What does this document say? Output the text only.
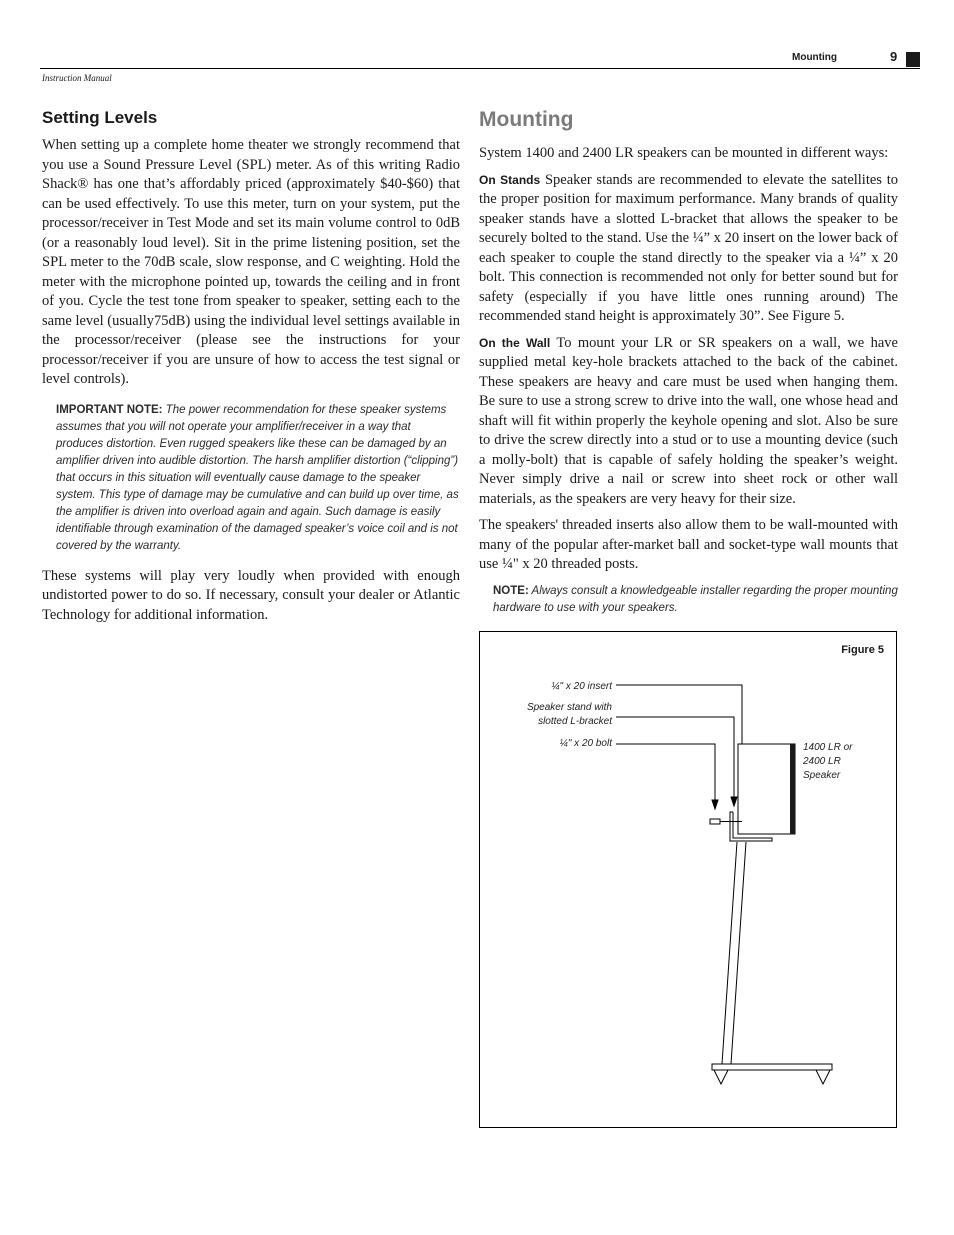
Mounting	9
Instruction Manual
Setting Levels

When setting up a complete home theater we strongly recommend that you use a Sound Pressure Level (SPL) meter. As of this writing Radio Shack® has one that’s affordably priced (approximately $40-$60) that can be used effectively. To use this meter, turn on your system, put the processor/receiver in Test Mode and set its main volume control to 0dB (or a reasonably loud level). Sit in the prime listening position, set the SPL meter to the 70dB scale, slow response, and C weighting. Hold the meter with the microphone pointed up, towards the ceiling and in front of you. Cycle the test tone from speaker to speaker, setting each to the same level (usually75dB) using the individual level settings available in the processor/receiver (please see the instructions for your processor/receiver if you are unsure of how to access the test signal or level controls).

IMPORTANT NOTE: The power recommendation for these speaker systems assumes that you will not operate your amplifier/receiver in a way that produces distortion. Even rugged speakers like these can be damaged by an amplifier driven into audible distortion. The harsh amplifier distortion (“clipping”) that occurs in this situation will eventually cause damage to the speaker system. This type of damage may be cumulative and can build up over time, as the amplifier is driven into overload again and again. Such damage is easily identifiable through examination of the damaged speaker’s voice coil and is not covered by the warranty.

These systems will play very loudly when provided with enough undistorted power to do so. If necessary, consult your dealer or Atlantic Technology for additional information.

Mounting

System 1400 and 2400 LR speakers can be mounted in different ways:

On Stands Speaker stands are recommended to elevate the satellites to the proper position for maximum performance. Many brands of quality speaker stands have a slotted L-bracket that allows the speaker to be securely bolted to the stand. Use the ¼” x 20 insert on the lower back of each speaker to couple the stand directly to the speaker via a ¼” x 20 bolt. This connection is recommended not only for better sound but for safety (especially if you have little ones running around) The recommended stand height is approximately 30”. See Figure 5.

On the Wall To mount your LR or SR speakers on a wall, we have supplied metal key-hole brackets attached to the back of the cabinet. These speakers are heavy and care must be used when hanging them. Be sure to use a strong screw to drive into the wall, one whose head and shaft will fit within properly the keyhole opening and slot. Also be sure to drive the screw directly into a stud or to use a mounting device (such a molly-bolt) that is capable of safely holding the speaker’s weight. Never simply drive a nail or screw into sheet rock or other wall materials, as the speakers are very heavy for their size.

The speakers' threaded inserts also allow them to be wall-mounted with many of the popular after-market ball and socket-type wall mounts that use ¼" x 20 threaded posts.

NOTE: Always consult a knowledgeable installer regarding the proper mounting hardware to use with your speakers.
Figure 5
¼" x 20 insert
Speaker stand with
slotted L-bracket
¼" x 20 bolt	1400 LR or
2400 LR
Speaker
